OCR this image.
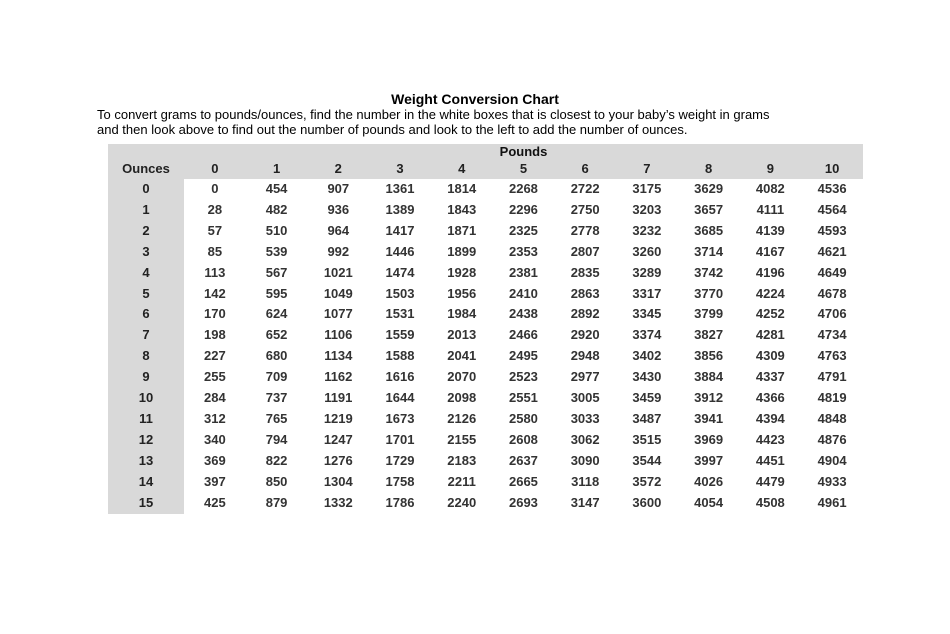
Weight Conversion Chart
To convert grams to pounds/ounces, find the number in the white boxes that is closest to your baby’s weight in grams
and then look above to find out the number of pounds and look to the left to add the number of ounces.
Pounds
Ounces	0	1	2	3	4	5	6	7	8	9	10
0	0	454	907	1361	1814	2268	2722	3175	3629	4082	4536
1	28	482	936	1389	1843	2296	2750	3203	3657	4111	4564
2	57	510	964	1417	1871	2325	2778	3232	3685	4139	4593
3	85	539	992	1446	1899	2353	2807	3260	3714	4167	4621
4	113	567	1021	1474	1928	2381	2835	3289	3742	4196	4649
5	142	595	1049	1503	1956	2410	2863	3317	3770	4224	4678
6	170	624	1077	1531	1984	2438	2892	3345	3799	4252	4706
7	198	652	1106	1559	2013	2466	2920	3374	3827	4281	4734
8	227	680	1134	1588	2041	2495	2948	3402	3856	4309	4763
9	255	709	1162	1616	2070	2523	2977	3430	3884	4337	4791
10	284	737	1191	1644	2098	2551	3005	3459	3912	4366	4819
11	312	765	1219	1673	2126	2580	3033	3487	3941	4394	4848
12	340	794	1247	1701	2155	2608	3062	3515	3969	4423	4876
13	369	822	1276	1729	2183	2637	3090	3544	3997	4451	4904
14	397	850	1304	1758	2211	2665	3118	3572	4026	4479	4933
15	425	879	1332	1786	2240	2693	3147	3600	4054	4508	4961
